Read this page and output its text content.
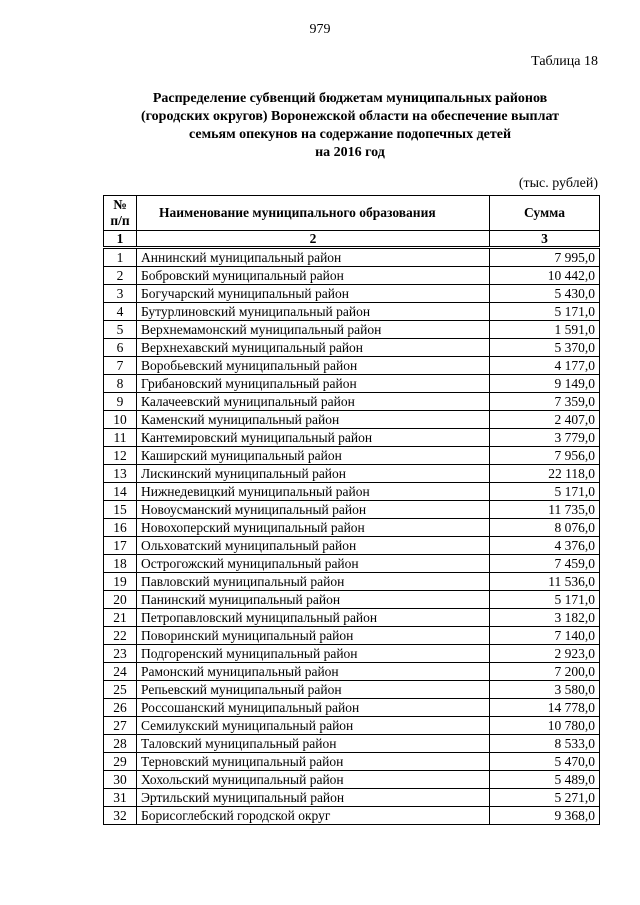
979
Таблица 18
Распределение субвенций бюджетам муниципальных районов
(городских округов) Воронежской области на обеспечение выплат
семьям опекунов на содержание подопечных детей
на 2016 год
(тыс. рублей)
№ п/п	Наименование муниципального образования	Сумма
1	2	3
1	Аннинский муниципальный район	7 995,0
2	Бобровский муниципальный район	10 442,0
3	Богучарский муниципальный район	5 430,0
4	Бутурлиновский муниципальный район	5 171,0
5	Верхнемамонский муниципальный район	1 591,0
6	Верхнехавский муниципальный район	5 370,0
7	Воробьевский муниципальный район	4 177,0
8	Грибановский муниципальный район	9 149,0
9	Калачеевский муниципальный район	7 359,0
10	Каменский муниципальный район	2 407,0
11	Кантемировский муниципальный район	3 779,0
12	Каширский муниципальный район	7 956,0
13	Лискинский муниципальный район	22 118,0
14	Нижнедевицкий муниципальный район	5 171,0
15	Новоусманский муниципальный район	11 735,0
16	Новохоперский муниципальный район	8 076,0
17	Ольховатский муниципальный район	4 376,0
18	Острогожский муниципальный район	7 459,0
19	Павловский муниципальный район	11 536,0
20	Панинский муниципальный район	5 171,0
21	Петропавловский муниципальный район	3 182,0
22	Поворинский муниципальный район	7 140,0
23	Подгоренский муниципальный район	2 923,0
24	Рамонский муниципальный район	7 200,0
25	Репьевский муниципальный район	3 580,0
26	Россошанский муниципальный район	14 778,0
27	Семилукский муниципальный район	10 780,0
28	Таловский муниципальный район	8 533,0
29	Терновский муниципальный район	5 470,0
30	Хохольский муниципальный район	5 489,0
31	Эртильский муниципальный район	5 271,0
32	Борисоглебский городской округ	9 368,0
